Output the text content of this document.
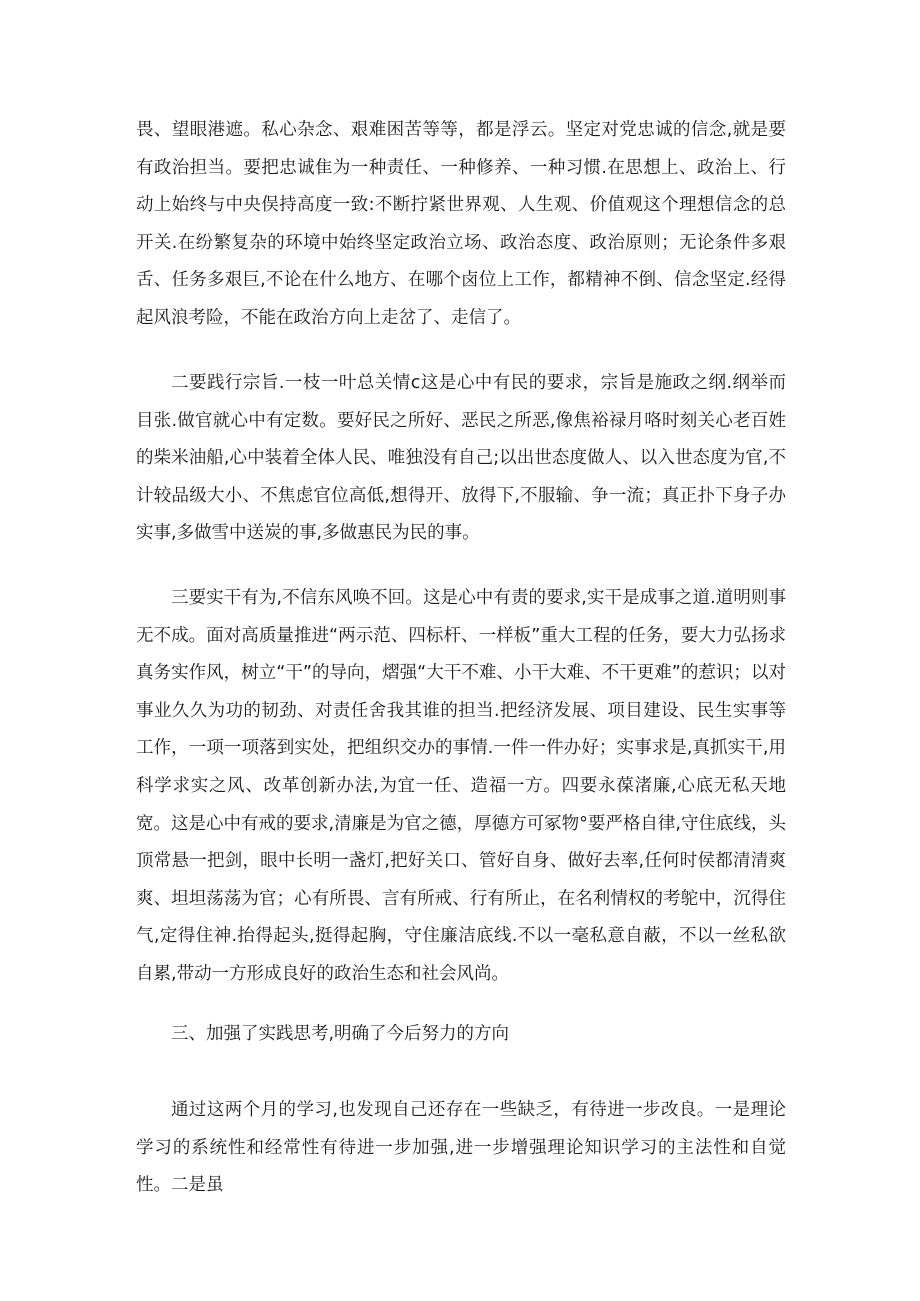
畏、望眼港遮。私心杂念、艰难困苦等等，都是浮云。坚定对党忠诚的信念,就是要有政治担当。要把忠诚隹为一种责任、一种修养、一种习惯.在思想上、政治上、行动上始终与中央俣持高度一致:不断拧紧世界观、人生观、价值观这个理想信念的总开关.在纷繁复杂的环境中始终坚定政治立场、政治态度、政治原则；无论条件多艰舌、任务多艰巨,不论在什么地方、在哪个卤位上工作，都精神不倒、信念坚定.经得起风浪考险，不能在政治方向上走岔了、走信了。

二要践行宗旨.一枝一叶总关情c这是心中有民的要求，宗旨是施政之纲.纲举而目张.做官就心中有定数。要好民之所好、恶民之所恶,像焦裕禄月咯时刻关心老百姓的柴米油船,心中装着全体人民、唯独没有自己;以出世态度做人、以入世态度为官,不计较品级大小、不焦虑官位高低,想得开、放得下,不服输、争一流；真正扑下身子办实事,多做雪中送炭的事,多做惠民为民的事。

三要实干有为,不信东风唤不回。这是心中有责的要求,实干是成事之道.道明则事无不成。面对高质量推进“两示范、四标杆、一样板”重大工程的任务，要大力弘扬求真务实作风，树立“干”的导向，熠强“大干不难、小干大难、不干更难”的惹识；以对事业久久为功的韧劲、对责任舍我其谁的担当.把经济发展、项目建设、民生实事等工作，一项一项落到实处，把组织交办的事情.一件一件办好；实事求是,真抓实干,用科学求实之风、改革创新办法,为宜一任、造福一方。四要永葆渚廉,心底无私天地宽。这是心中有戒的要求,清廉是为官之德，厚德方可冢物°要严格自律,守住底线，头顶常悬一把剑，眼中长明一盏灯,把好关口、管好自身、做好去率,任何时侯都清清爽爽、坦坦荡荡为官；心有所畏、言有所戒、行有所止，在名利情权的考鸵中，沉得住气,定得住神.抬得起头,挺得起胸，守住廉洁底线.不以一毫私意自蔽，不以一丝私欲自累,带动一方形成良好的政治生态和社会风尚。

三、加强了实践思考,明确了今后努力的方向

通过这两个月的学习,也发现自己还存在一些缺乏，有待进一步改良。一是理论学习的系统性和经常性有待进一步加强,进一步增强理论知识学习的主法性和自觉性。二是虽
